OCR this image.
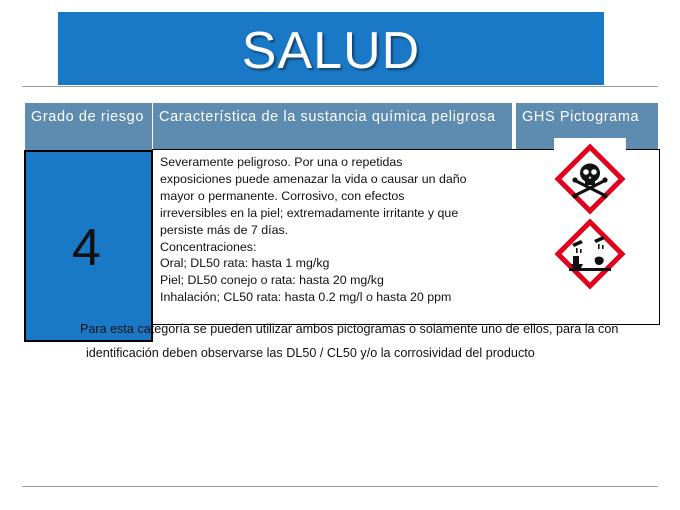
SALUD
Grado de riesgo	Característica de la sustancia química peligrosa	GHS Pictograma
4
Severamente peligroso. Por una o repetidas
exposiciones puede amenazar la vida o causar un daño
mayor o permanente. Corrosivo, con efectos
irreversibles en la piel; extremadamente irritante y que
persiste más de 7 días.
Concentraciones:
Oral; DL50 rata: hasta 1 mg/kg
Piel; DL50 conejo o rata: hasta 20 mg/kg
Inhalación; CL50 rata: hasta 0.2 mg/l o hasta 20 ppm
Para esta categoría se pueden utilizar ambos pictogramas o solamente uno de ellos, para la con
identificación deben observarse las DL50 / CL50 y/o la corrosividad del producto
